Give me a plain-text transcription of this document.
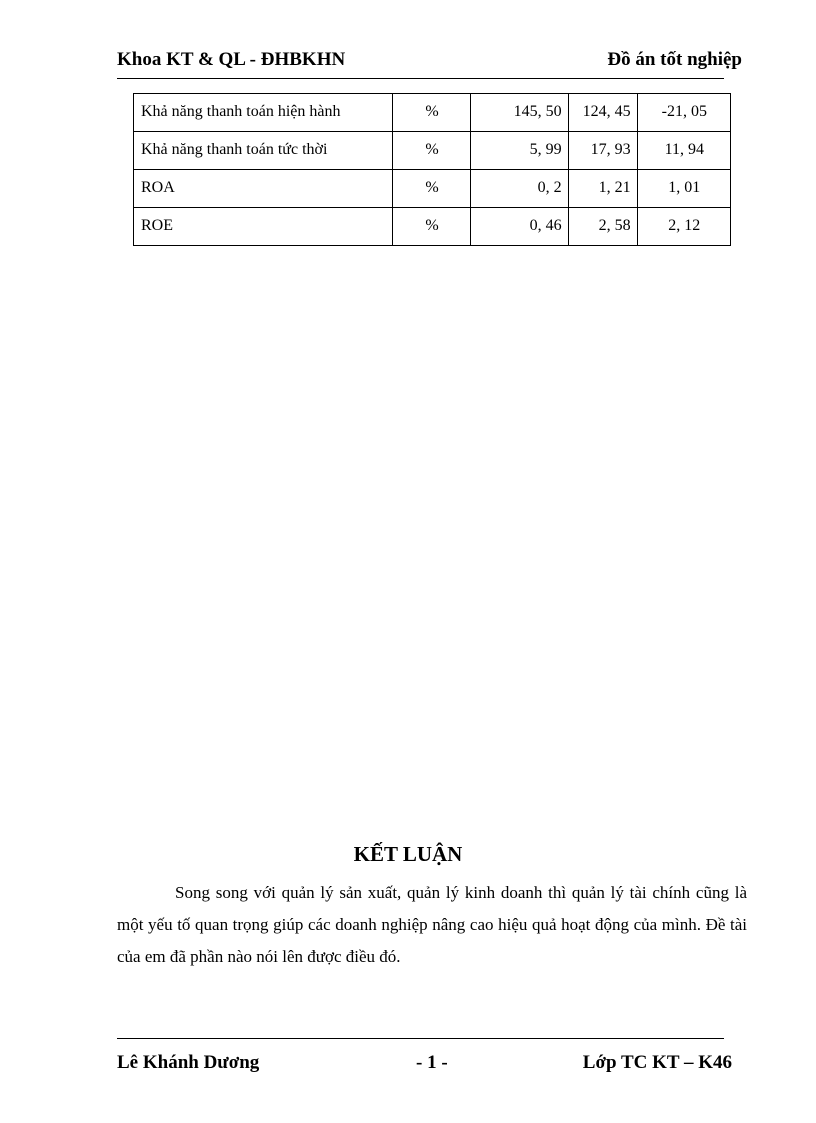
Khoa KT & QL - ĐHBKHN	Đồ án tốt nghiệp
Khả năng thanh toán hiện hành	%	145, 50	124, 45	-21, 05
Khả năng thanh toán tức thời	%	5, 99	17, 93	11, 94
ROA	%	0, 2	1, 21	1, 01
ROE	%	0, 46	2, 58	2, 12
KẾT LUẬN

Song song với quản lý sản xuất, quản lý kinh doanh thì quản lý tài chính cũng là một yếu tố quan trọng giúp các doanh nghiệp nâng cao hiệu quả hoạt động của mình. Đề tài của em đã phần nào nói lên được điều đó.

Lê Khánh Dương	- 1 -	Lớp TC KT – K46
